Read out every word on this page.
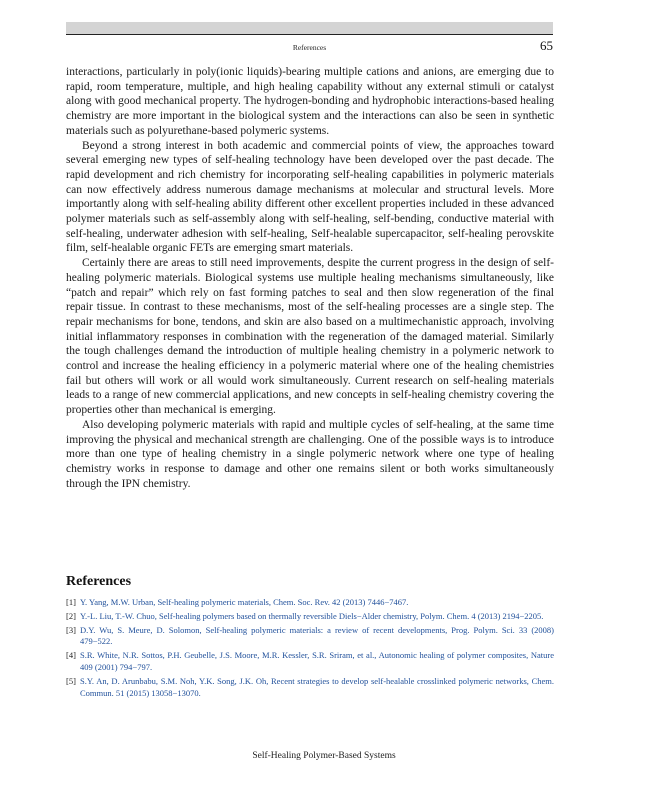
References	65

interactions, particularly in poly(ionic liquids)-bearing multiple cations and anions, are emerging due to rapid, room temperature, multiple, and high healing capability without any external stimuli or catalyst along with good mechanical property. The hydrogen-bonding and hydrophobic interactions-based healing chemistry are more important in the biological system and the interactions can also be seen in synthetic materials such as polyurethane-based polymeric systems.

Beyond a strong interest in both academic and commercial points of view, the approaches toward several emerging new types of self-healing technology have been developed over the past decade. The rapid development and rich chemistry for incorporating self-healing capabilities in polymeric materials can now effectively address numerous damage mechanisms at molecular and structural levels. More importantly along with self-healing ability different other excellent properties included in these advanced polymer materials such as self-assembly along with self-healing, self-bending, conductive material with self-healing, underwater adhesion with self-healing, Self-healable supercapacitor, self-healing perovskite film, self-healable organic FETs are emerging smart materials.

Certainly there are areas to still need improvements, despite the current progress in the design of self-healing polymeric materials. Biological systems use multiple healing mechanisms simultaneously, like “patch and repair” which rely on fast forming patches to seal and then slow regeneration of the final repair tissue. In contrast to these mechanisms, most of the self-healing processes are a single step. The repair mechanisms for bone, tendons, and skin are also based on a multimechanistic approach, involving initial inflammatory responses in combination with the regeneration of the damaged material. Similarly the tough challenges demand the introduction of multiple healing chemistry in a polymeric network to control and increase the healing efficiency in a polymeric material where one of the healing chemistries fail but others will work or all would work simultaneously. Current research on self-healing materials leads to a range of new commercial applications, and new concepts in self-healing chemistry covering the properties other than mechanical is emerging.

Also developing polymeric materials with rapid and multiple cycles of self-healing, at the same time improving the physical and mechanical strength are challenging. One of the possible ways is to introduce more than one type of healing chemistry in a single polymeric network where one type of healing chemistry works in response to damage and other one remains silent or both works simultaneously through the IPN chemistry.

References
[1] Y. Yang, M.W. Urban, Self-healing polymeric materials, Chem. Soc. Rev. 42 (2013) 7446−7467.
[2] Y.-L. Liu, T.-W. Chuo, Self-healing polymers based on thermally reversible Diels−Alder chemistry, Polym. Chem. 4 (2013) 2194−2205.
[3] D.Y. Wu, S. Meure, D. Solomon, Self-healing polymeric materials: a review of recent developments, Prog. Polym. Sci. 33 (2008) 479−522.
[4] S.R. White, N.R. Sottos, P.H. Geubelle, J.S. Moore, M.R. Kessler, S.R. Sriram, et al., Autonomic healing of polymer composites, Nature 409 (2001) 794−797.
[5] S.Y. An, D. Arunbabu, S.M. Noh, Y.K. Song, J.K. Oh, Recent strategies to develop self-healable crosslinked polymeric networks, Chem. Commun. 51 (2015) 13058−13070.
Self-Healing Polymer-Based Systems
